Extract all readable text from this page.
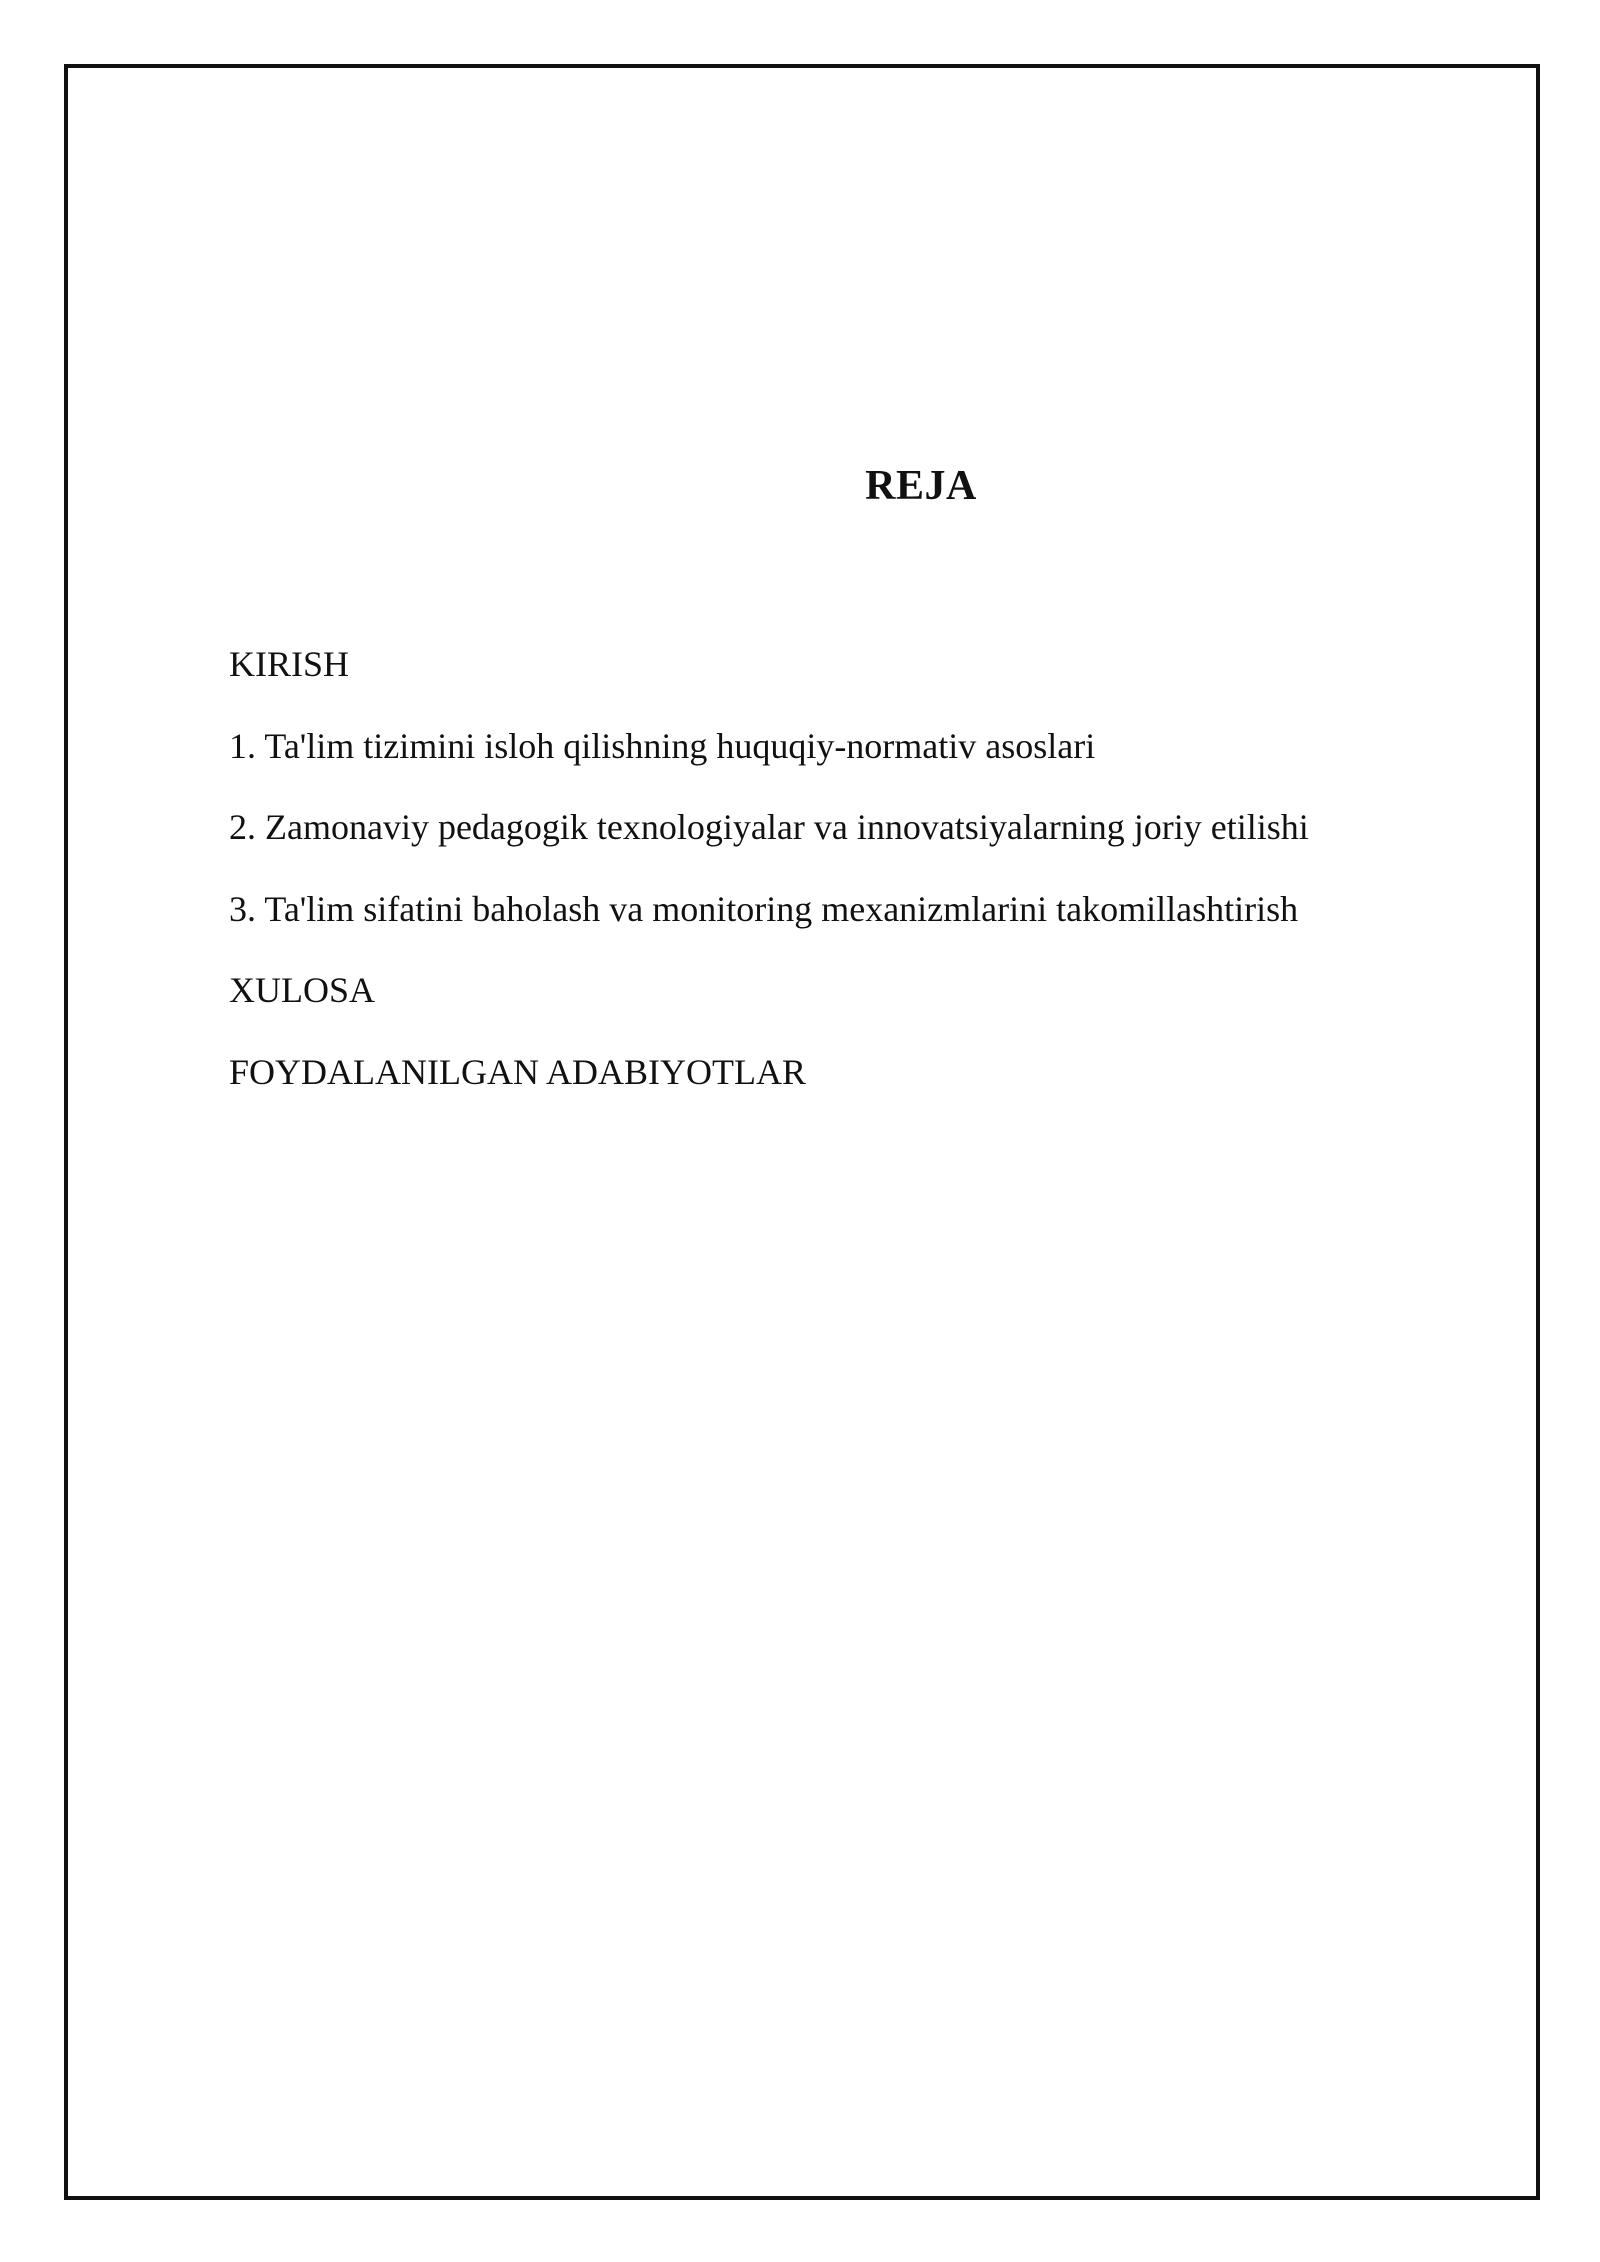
REJA
KIRISH
1. Ta'lim tizimini isloh qilishning huquqiy-normativ asoslari
2. Zamonaviy pedagogik texnologiyalar va innovatsiyalarning joriy etilishi
3. Ta'lim sifatini baholash va monitoring mexanizmlarini takomillashtirish
XULOSA
FOYDALANILGAN ADABIYOTLAR
